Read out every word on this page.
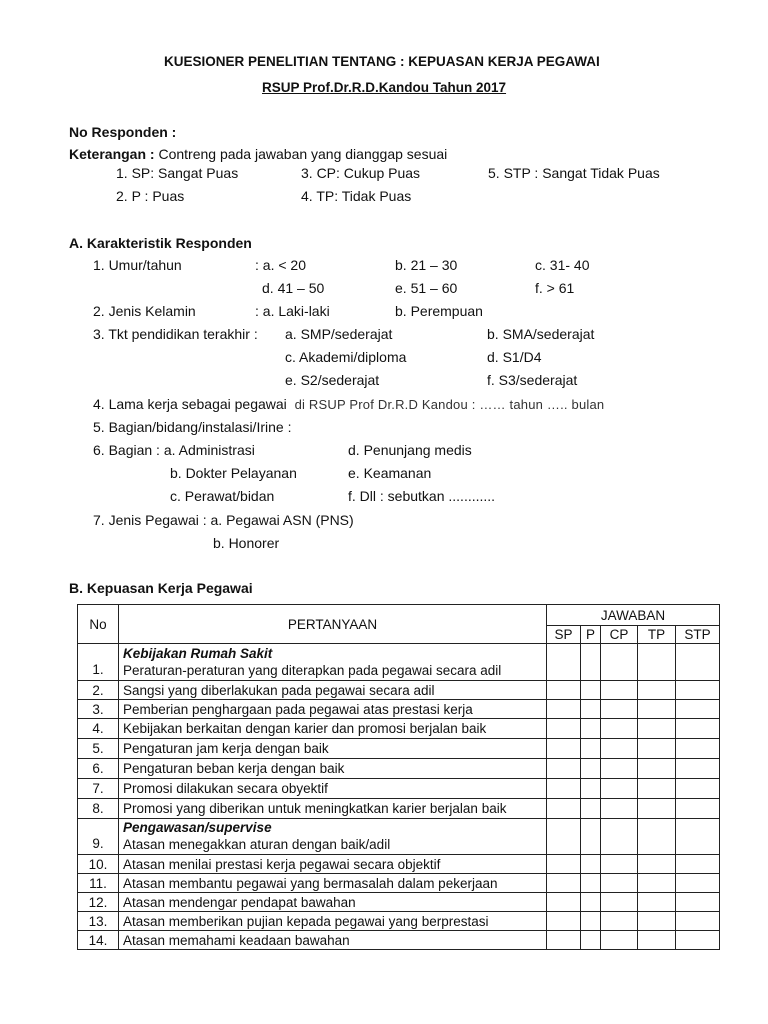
KUESIONER PENELITIAN TENTANG : KEPUASAN KERJA PEGAWAI
RSUP Prof.Dr.R.D.Kandou Tahun 2017
No Responden :
Keterangan : Contreng pada jawaban yang dianggap sesuai
1. SP: Sangat Puas	3. CP: Cukup Puas	5. STP : Sangat Tidak Puas
2. P : Puas	4. TP: Tidak Puas
A. Karakteristik Responden
1. Umur/tahun	: a. < 20	b. 21 – 30	c. 31- 40
d. 41 – 50	e. 51 – 60	f. > 61
2. Jenis Kelamin	: a. Laki-laki	b. Perempuan
3. Tkt pendidikan terakhir : a. SMP/sederajat	b. SMA/sederajat
c. Akademi/diploma	d. S1/D4
e. S2/sederajat	f. S3/sederajat
4. Lama kerja sebagai pegawai di RSUP Prof Dr.R.D Kandou : …… tahun ….. bulan
5. Bagian/bidang/instalasi/Irine :
6. Bagian : a. Administrasi	d. Penunjang medis
b. Dokter Pelayanan	e. Keamanan
c. Perawat/bidan	f. Dll : sebutkan ............
7. Jenis Pegawai : a. Pegawai ASN (PNS)
b. Honorer
B. Kepuasan Kerja Pegawai
No	PERTANYAAN	JAWABAN				
		SP	P	CP	TP	STP
1.	Kebijakan Rumah Sakit
Peraturan-peraturan yang diterapkan pada pegawai secara adil					

2.	Sangsi yang diberlakukan pada pegawai secara adil					
3.	Pemberian penghargaan pada pegawai atas prestasi kerja					
4.	Kebijakan berkaitan dengan karier dan promosi berjalan baik					
5.	Pengaturan jam kerja dengan baik					
6.	Pengaturan beban kerja dengan baik					
7.	Promosi dilakukan secara obyektif					
8.	Promosi yang diberikan untuk meningkatkan karier berjalan baik					
9.	Pengawasan/supervise
Atasan menegakkan aturan dengan baik/adil					

10.	Atasan menilai prestasi kerja pegawai secara objektif					
11.	Atasan membantu pegawai yang bermasalah dalam pekerjaan					
12.	Atasan mendengar pendapat bawahan					
13.	Atasan memberikan pujian kepada pegawai yang berprestasi					
14.	Atasan memahami keadaan bawahan					
